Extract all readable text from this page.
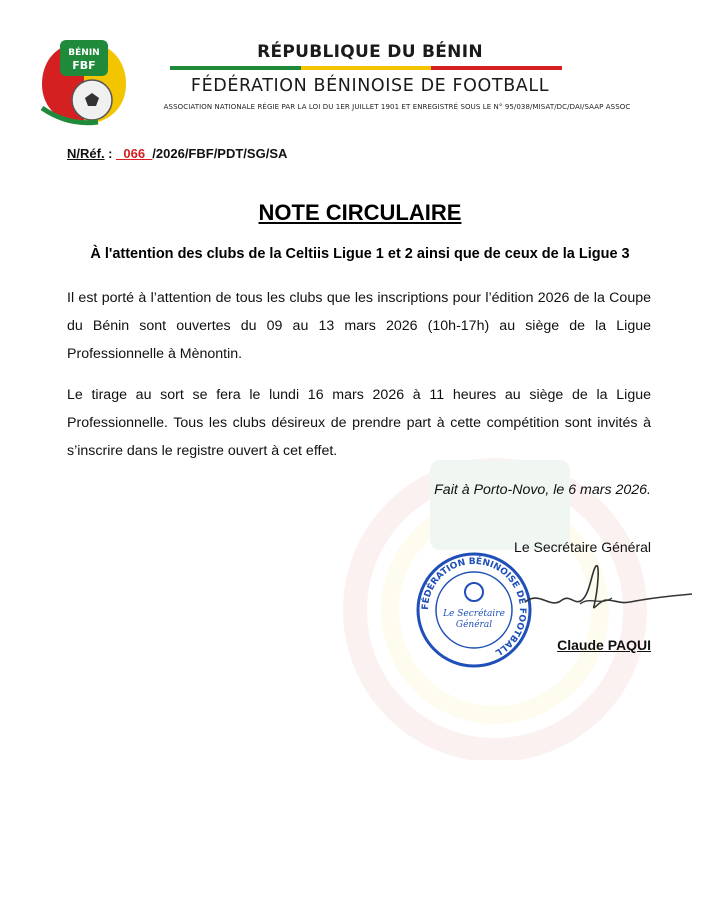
BÉNIN
FBF
RÉPUBLIQUE DU BÉNIN
FÉDÉRATION BÉNINOISE DE FOOTBALL
ASSOCIATION NATIONALE RÉGIE PAR LA LOI DU 1ER JUILLET 1901 ET ENREGISTRÉ SOUS LE N° 95/038/MISAT/DC/DAI/SAAP ASSOC
N/Réf. : _066_/2026/FBF/PDT/SG/SA
NOTE CIRCULAIRE
À l'attention des clubs de la Celtiis Ligue 1 et 2 ainsi que de ceux de la Ligue 3

Il est porté à l’attention de tous les clubs que les inscriptions pour l’édition 2026 de la Coupe du Bénin sont ouvertes du 09 au 13 mars 2026 (10h-17h) au siège de la Ligue Professionnelle à Mènontin.

Le tirage au sort se fera le lundi 16 mars 2026 à 11 heures au siège de la Ligue Professionnelle. Tous les clubs désireux de prendre part à cette compétition sont invités à s’inscrire dans le registre ouvert à cet effet.

Fait à Porto-Novo, le 6 mars 2026.
Le Secrétaire Général
FÉDÉRATION BÉNINOISE DE FOOTBALL
Le Secrétaire
Général
Claude PAQUI
